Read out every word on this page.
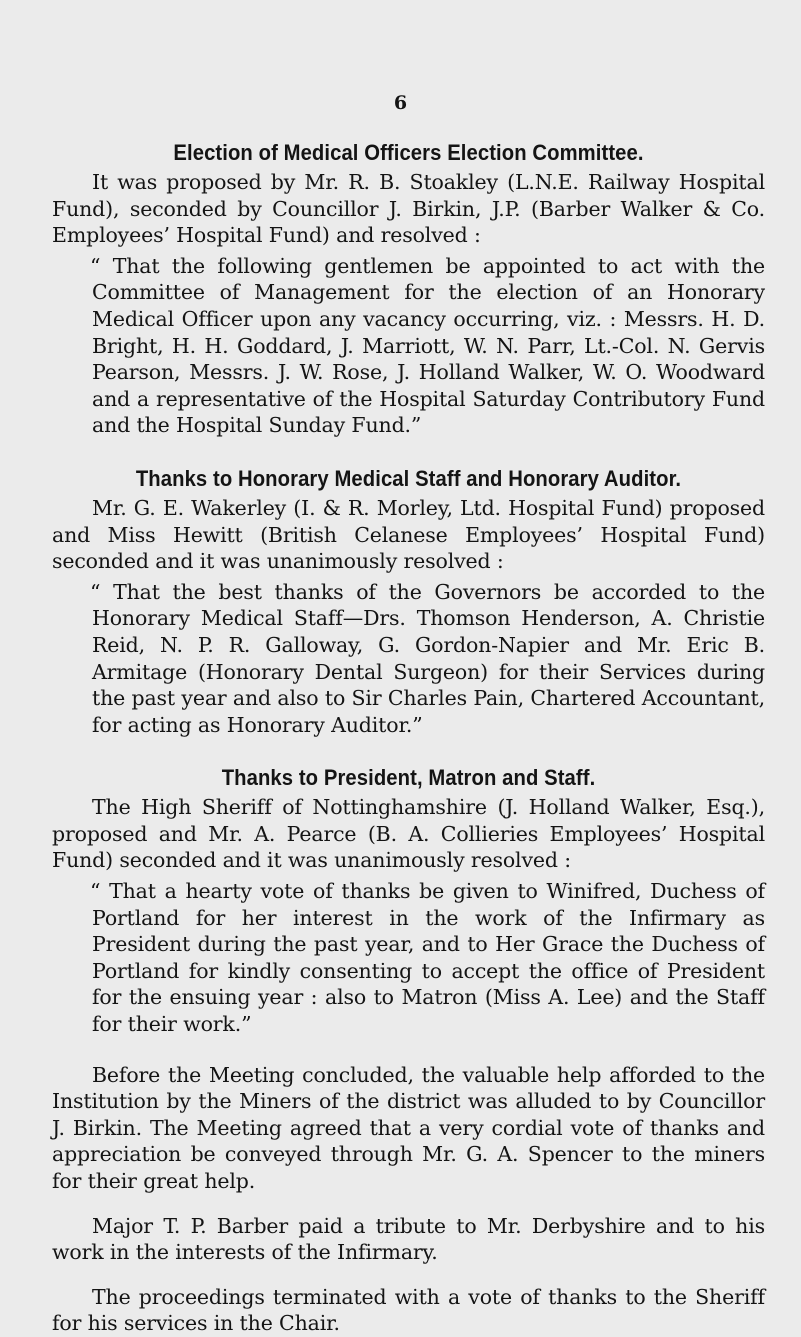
6
Election of Medical Officers Election Committee.

It was proposed by Mr. R. B. Stoakley (L.N.E. Railway Hospital Fund), seconded by Councillor J. Birkin, J.P. (Barber Walker & Co. Employees’ Hospital Fund) and resolved :

“ That the following gentlemen be appointed to act with the Committee of Management for the election of an Honorary Medical Officer upon any vacancy occurring, viz. : Messrs. H. D. Bright, H. H. Goddard, J. Marriott, W. N. Parr, Lt.-Col. N. Gervis Pearson, Messrs. J. W. Rose, J. Holland Walker, W. O. Woodward and a representative of the Hospital Saturday Contributory Fund and the Hospital Sunday Fund.”

Thanks to Honorary Medical Staff and Honorary Auditor.

Mr. G. E. Wakerley (I. & R. Morley, Ltd. Hospital Fund) proposed and Miss Hewitt (British Celanese Employees’ Hospital Fund) seconded and it was unanimously resolved :

“ That the best thanks of the Governors be accorded to the Honorary Medical Staff—Drs. Thomson Henderson, A. Christie Reid, N. P. R. Galloway, G. Gordon-Napier and Mr. Eric B. Armitage (Honorary Dental Surgeon) for their Services during the past year and also to Sir Charles Pain, Chartered Accountant, for acting as Honorary Auditor.”

Thanks to President, Matron and Staff.

The High Sheriff of Nottinghamshire (J. Holland Walker, Esq.), proposed and Mr. A. Pearce (B. A. Collieries Employees’ Hospital Fund) seconded and it was unanimously resolved :

“ That a hearty vote of thanks be given to Winifred, Duchess of Portland for her interest in the work of the Infirmary as President during the past year, and to Her Grace the Duchess of Portland for kindly consenting to accept the office of President for the ensuing year : also to Matron (Miss A. Lee) and the Staff for their work.”

Before the Meeting concluded, the valuable help afforded to the Institution by the Miners of the district was alluded to by Councillor J. Birkin. The Meeting agreed that a very cordial vote of thanks and appreciation be conveyed through Mr. G. A. Spencer to the miners for their great help.

Major T. P. Barber paid a tribute to Mr. Derbyshire and to his work in the interests of the Infirmary.

The proceedings terminated with a vote of thanks to the Sheriff for his services in the Chair.
